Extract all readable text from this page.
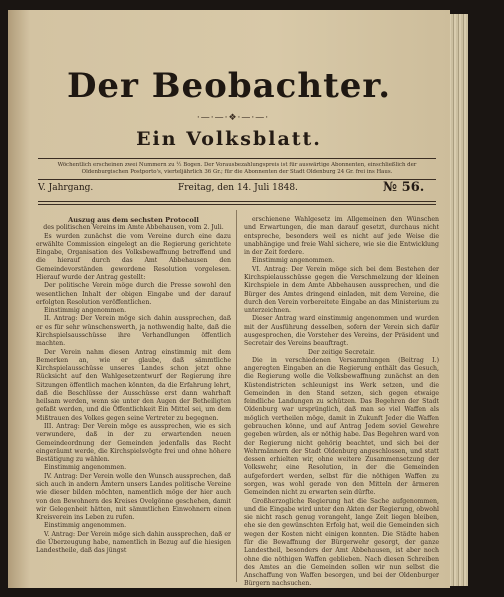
Der Beobachter.
·—·—·❖·—·—·
Ein Volksblatt.
Wöchentlich erscheinen zwei Nummern zu ½ Bogen. Der Vorausbezahlungspreis ist für auswärtige Abonnenten, einschließlich der Oldenburgischen Postporto's, vierteljährlich 36 Gr.; für die Abonnenten der Stadt Oldenburg 24 Gr. frei ins Haus.
V. Jahrgang.	Freitag, den 14. Juli 1848.	№ 56.

Auszug aus dem sechsten Protocoll

des politischen Vereins im Amte Abbehausen, vom 2. Juli.

Es wurden zunächst die vom Vereine durch eine dazu erwählte Commission eingelegt an die Regierung gerichtete Eingabe, Organisation des Volksbewaffnung betreffend und die hierauf durch das Amt Abbehausen den Gemeindevorständen gewordene Resolution vorgelesen. Hierauf wurde der Antrag gestellt:

Der politische Verein möge durch die Presse sowohl den wesentlichen Inhalt der obigen Eingabe und der darauf erfolgten Resolution veröffentlichen.

Einstimmig angenommen.

II. Antrag: Der Verein möge sich dahin aussprechen, daß er es für sehr wünschenswerth, ja nothwendig halte, daß die Kirchspielsausschüsse ihre Verhandlungen öffentlich machten.

Der Verein nahm diesen Antrag einstimmig mit dem Bemerken an, wie er glaube, daß sämmtliche Kirchspielausschüsse unseres Landes schon jetzt ohne Rücksicht auf den Wahlgesetzentwurf der Regierung ihre Sitzungen öffentlich machen könnten, da die Erfahrung lehrt, daß die Beschlüsse der Ausschüsse erst dann wahrhaft heilsam werden, wenn sie unter den Augen der Betheiligten gefaßt werden, und die Öffentlichkeit Ein Mittel sei, um dem Mißtrauen des Volkes gegen seine Vertreter zu begegnen.

III. Antrag: Der Verein möge es aussprechen, wie es sich verwundere, daß in der zu erwartenden neuen Gemeindeordnung der Gemeinden jedenfalls das Recht eingeräumt werde, die Kirchspielsvögte frei und ohne höhere Bestätigung zu wählen.

Einstimmig angenommen.

IV. Antrag: Der Verein wolle den Wunsch aussprechen, daß sich auch in andern Ämtern unsers Landes politische Vereine wie dieser bilden möchten, namentlich möge der hier auch von den Bewohnern des Kreises Ovelgönne geschehen, damit wir Gelegenheit hätten, mit sämmtlichen Einwohnern einen Kreisverein ins Leben zu rufen.

Einstimmig angenommen.

V. Antrag: Der Verein möge sich dahin aussprechen, daß er die Überzeugung habe, namentlich in Bezug auf die hiesigen Landestheile, daß das jüngst

erschienene Wahlgesetz im Allgemeinen den Wünschen und Erwartungen, die man darauf gesetzt, durchaus nicht entspreche, besonders weil es nicht auf jede Weise die unabhängige und freie Wahl sichere, wie sie die Entwicklung in der Zeit fordere.

Einstimmig angenommen.

VI. Antrag: Der Verein möge sich bei dem Bestehen der Kirchspielausschüsse gegen die Verschmelzung der kleinen Kirchspiele in dem Amte Abbehausen aussprechen, und die Bürger des Amtes dringend einladen, mit dem Vereine, die durch den Verein vorbereitete Eingabe an das Ministerium zu unterzeichnen.

Dieser Antrag ward einstimmig angenommen und wurden mit der Ausführung desselben, sofern der Verein sich dafür ausgesprochen, die Vorsteher des Vereins, der Präsident und Secretair des Vereins beauftragt.

Der zeitige Secretair.

Die in verschiedenen Versammlungen (Beitrag I.) angeregten Eingaben an die Regierung enthält das Gesuch, die Regierung wolle die Volksbewaffnung zunächst an den Küstendistricten schleunigst ins Werk setzen, und die Gemeinden in den Stand setzen, sich gegen etwaige feindliche Landungen zu schützen. Das Begehren der Stadt Oldenburg war ursprünglich, daß man so viel Waffen als möglich vertheilen möge, damit in Zukunft Jeder die Waffen gebrauchen könne, und auf Antrag Jedem soviel Gewehre gegeben würden, als er nöthig habe. Das Begehren ward von der Regierung nicht gehörig beachtet, und sich bei der Wehrmännern der Stadt Oldenburg angeschlossen, und statt dessen erhielten wir, ohne weitere Zusammensetzung der Volkswehr, eine Resolution, in der die Gemeinden aufgefordert werden, selbst für die nöthigen Waffen zu sorgen, was wohl gerade von den Mitteln der ärmeren Gemeinden nicht zu erwarten sein dürfte.

Großherzogliche Regierung hat die Sache aufgenommen, und die Eingabe wird unter den Akten der Regierung, obwohl sie nicht rasch genug vorangeht, lange Zeit liegen bleiben, ehe sie den gewünschten Erfolg hat, weil die Gemeinden sich wegen der Kosten nicht einigen konnten. Die Städte haben für die Bewaffnung der Bürgerwehr gesorgt, der ganze Landestheil, besonders der Amt Abbehausen, ist aber noch ohne die nöthigen Waffen geblieben. Nach diesen Schreiben des Amtes an die Gemeinden sollen wir nun selbst die Anschaffung von Waffen besorgen, und bei der Oldenburger Bürgern nachsuchen.
